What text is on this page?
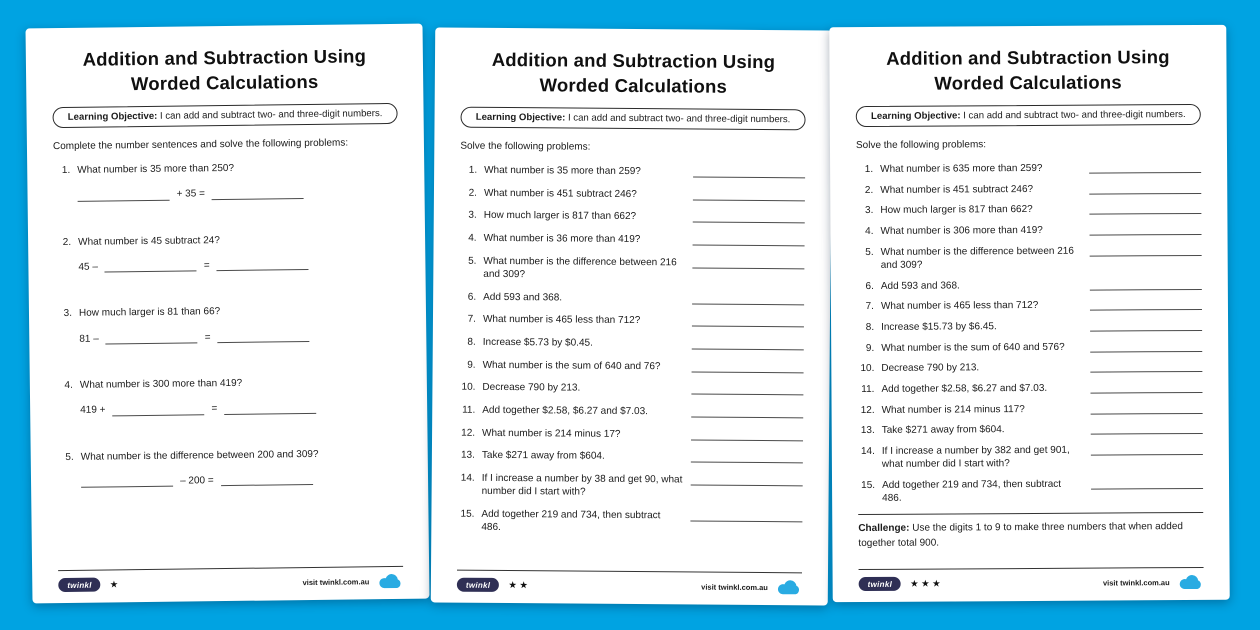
Addition and Subtraction Using
Worded Calculations
Learning Objective: I can add and subtract two- and three-digit numbers.

Complete the number sentences and solve the following problems:

1. What number is 35 more than 250?
+ 35 =
2. What number is 45 subtract 24?
45 –	=
3. How much larger is 81 than 66?
81 –	=
4. What number is 300 more than 419?
419 +	=
5. What number is the difference between 200 and 309?
– 200 =
twinkl	★	visit twinkl.com.au
Addition and Subtraction Using
Worded Calculations
Learning Objective: I can add and subtract two- and three-digit numbers.

Solve the following problems:

1. What number is 35 more than 259?
2. What number is 451 subtract 246?
3. How much larger is 817 than 662?
4. What number is 36 more than 419?
5. What number is the difference between 216 and 309?
6. Add 593 and 368.
7. What number is 465 less than 712?
8. Increase $5.73 by $0.45.
9. What number is the sum of 640 and 76?
10. Decrease 790 by 213.
11. Add together $2.58, $6.27 and $7.03.
12. What number is 214 minus 17?
13. Take $271 away from $604.
14. If I increase a number by 38 and get 90, what number did I start with?
15. Add together 219 and 734, then subtract 486.
twinkl	★★	visit twinkl.com.au
Addition and Subtraction Using
Worded Calculations
Learning Objective: I can add and subtract two- and three-digit numbers.

Solve the following problems:

1. What number is 635 more than 259?
2. What number is 451 subtract 246?
3. How much larger is 817 than 662?
4. What number is 306 more than 419?
5. What number is the difference between 216 and 309?
6. Add 593 and 368.
7. What number is 465 less than 712?
8. Increase $15.73 by $6.45.
9. What number is the sum of 640 and 576?
10. Decrease 790 by 213.
11. Add together $2.58, $6.27 and $7.03.
12. What number is 214 minus 117?
13. Take $271 away from $604.
14. If I increase a number by 382 and get 901, what number did I start with?
15. Add together 219 and 734, then subtract 486.
Challenge: Use the digits 1 to 9 to make three numbers that when added together total 900.
twinkl	★★★	visit twinkl.com.au
